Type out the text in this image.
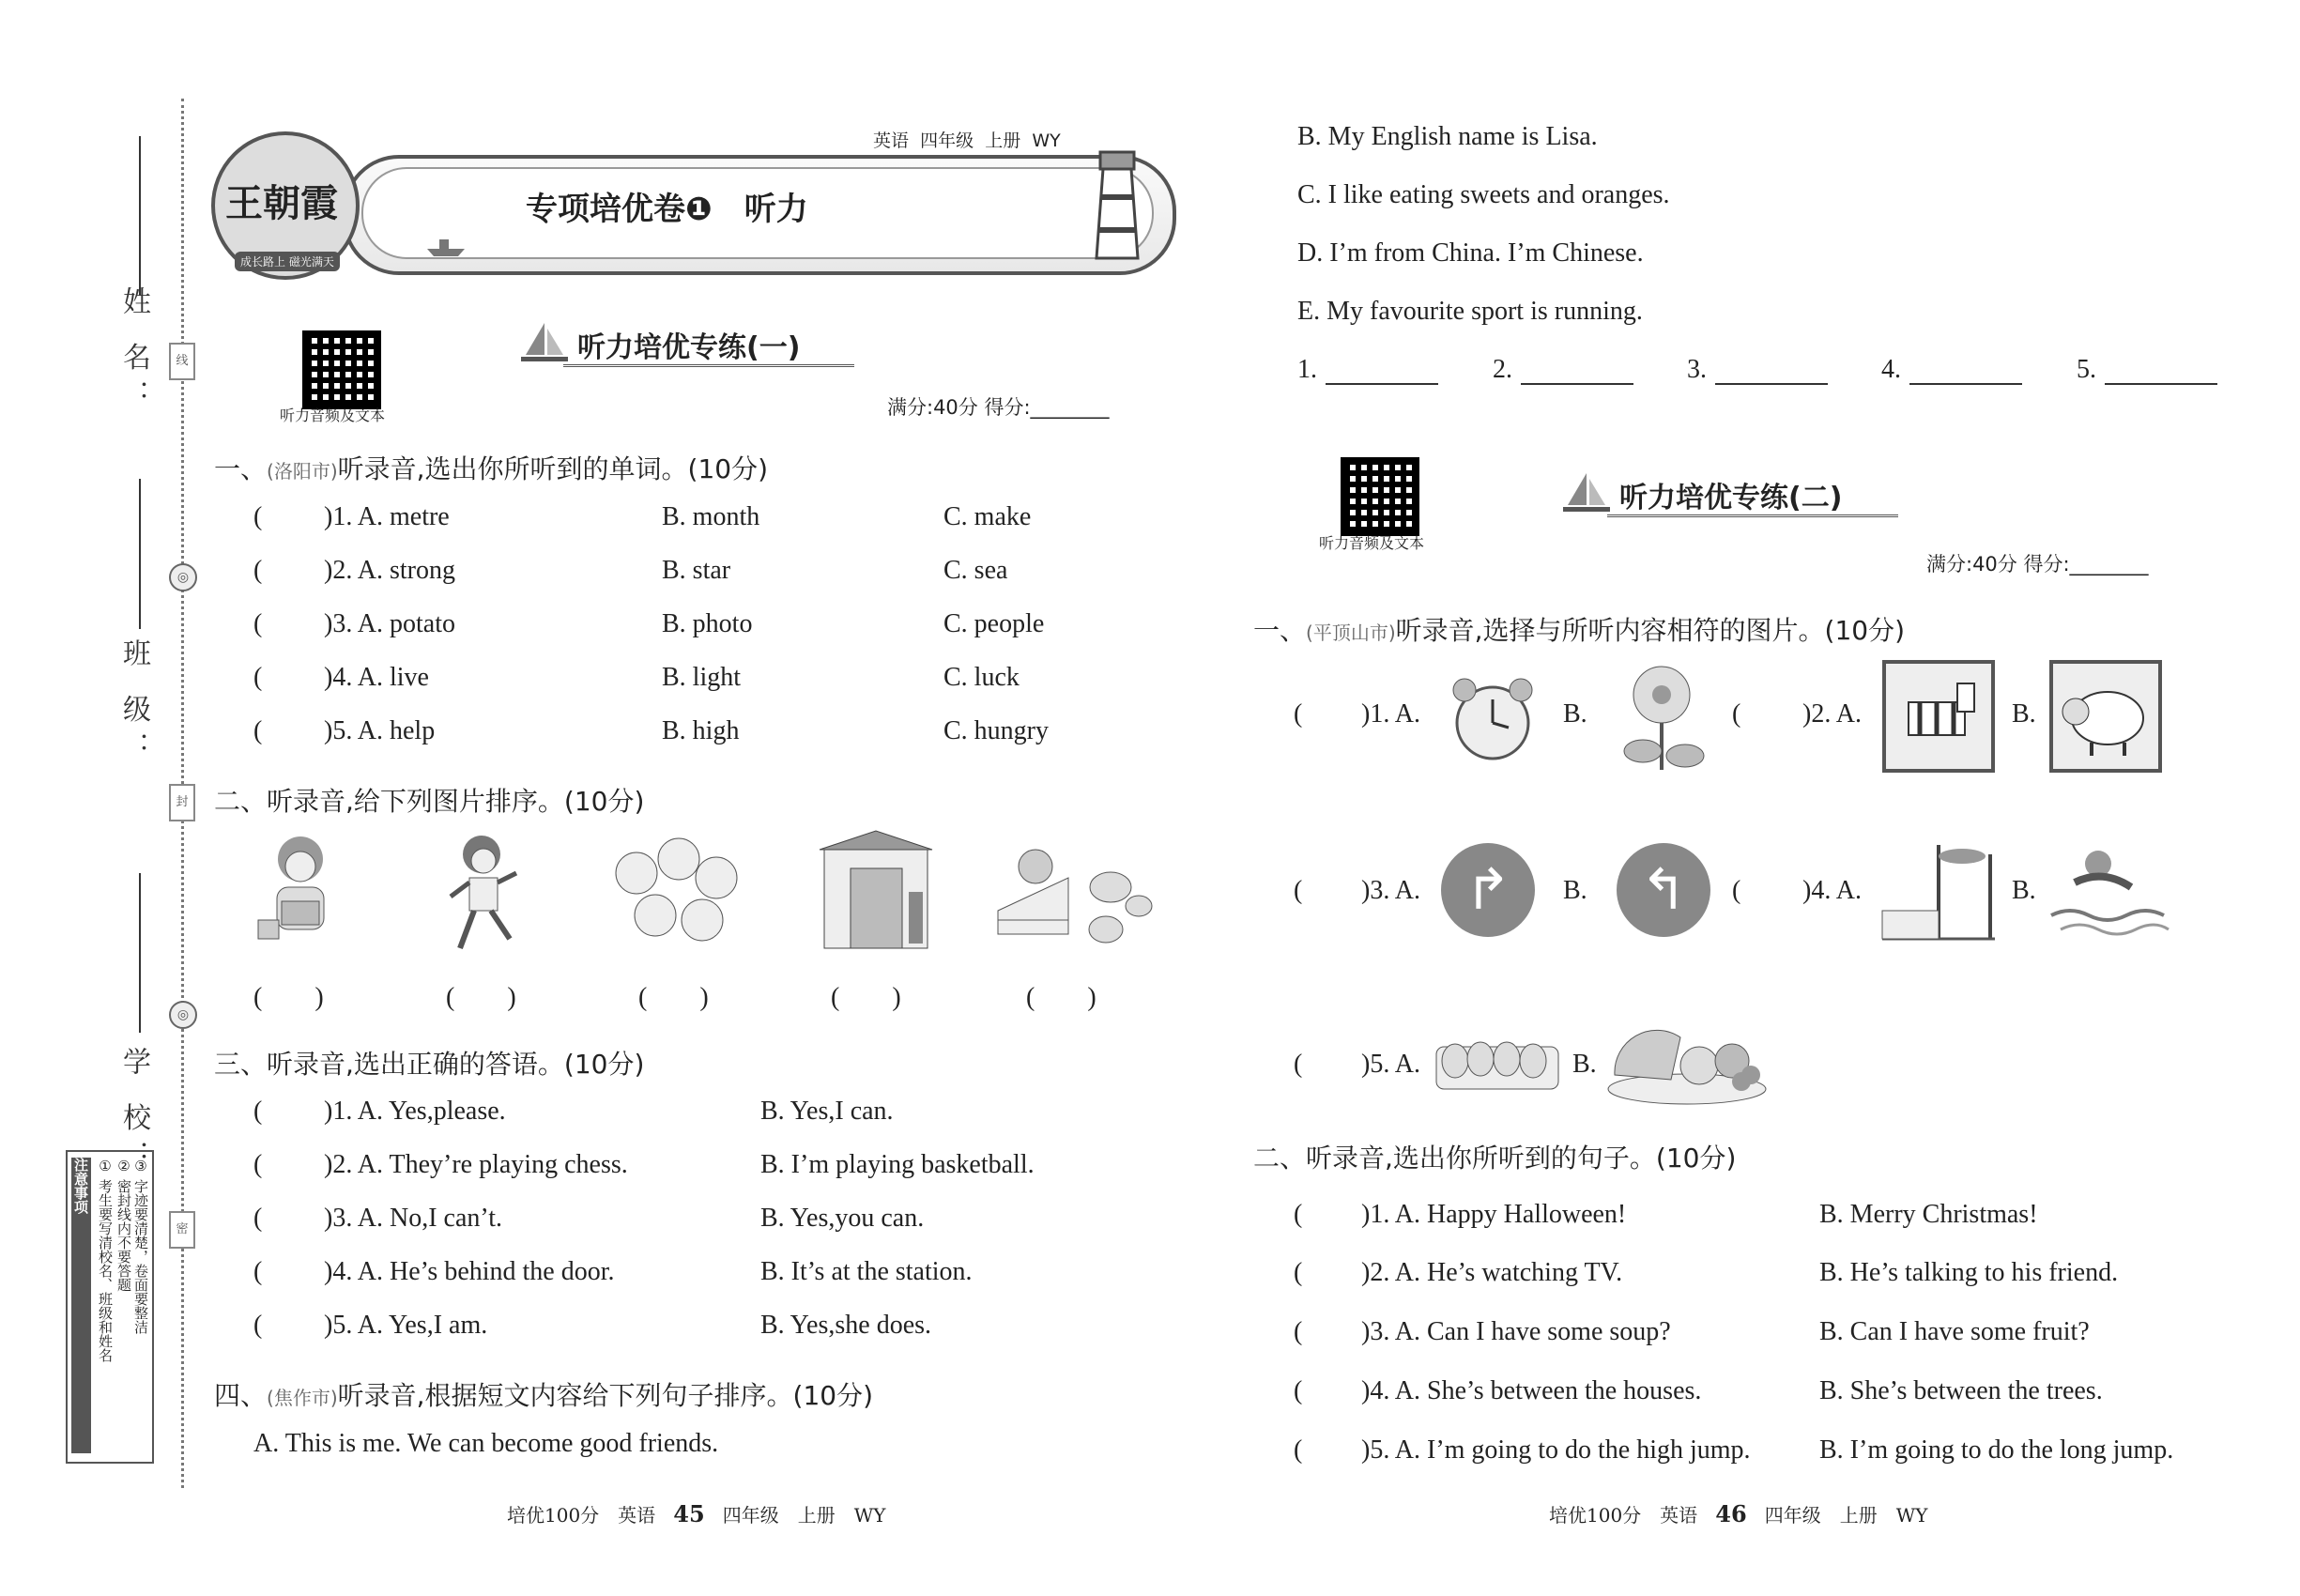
姓 名：	线
班 级：
◎
封
◎
学 校：
密
注意事项 ① 考生要写清校名、班级和姓名 ② 密封线内不要答题 ③ 字迹要清楚，卷面要整洁
王朝霞
成长路上 磁光满天
英语 四年级 上册 WY
专项培优卷❶　听力
听力培优专练(一)
听力音频及文本	满分:40分 得分:________
一、(洛阳市)听录音,选出你所听到的单词。(10分)
( )1. A. metre	B. month	C. make
( )2. A. strong	B. star	C. sea
( )3. A. potato	B. photo	C. people
( )4. A. live	B. light	C. luck
( )5. A. help	B. high	C. hungry
二、听录音,给下列图片排序。(10分)
(　　)	(　　)	(　　)	(　　)	(　　)
三、听录音,选出正确的答语。(10分)
( )1. A. Yes,please.	B. Yes,I can.
( )2. A. They’re playing chess.	B. I’m playing basketball.
( )3. A. No,I can’t.	B. Yes,you can.
( )4. A. He’s behind the door.	B. It’s at the station.
( )5. A. Yes,I am.	B. Yes,she does.
四、(焦作市)听录音,根据短文内容给下列句子排序。(10分)
A. This is me. We can become good friends.
培优100分　英语 45 四年级　上册　WY
B. My English name is Lisa.
C. I like eating sweets and oranges.
D. I’m from China. I’m Chinese.
E. My favourite sport is running.
1.	2.	3.	4.	5.
听力音频及文本
听力培优专练(二)
满分:40分 得分:________
一、(平顶山市)听录音,选择与所听内容相符的图片。(10分)
( )1. A.	B.	( )2. A.	B.
( )3. A. ↱	B. ↰	( )4. A.	B.
( )5. A.	B.
二、听录音,选出你所听到的句子。(10分)
( )1. A. Happy Halloween!	B. Merry Christmas!
( )2. A. He’s watching TV.	B. He’s talking to his friend.
( )3. A. Can I have some soup?	B. Can I have some fruit?
( )4. A. She’s between the houses.	B. She’s between the trees.
( )5. A. I’m going to do the high jump.	B. I’m going to do the long jump.
培优100分　英语 46 四年级　上册　WY
